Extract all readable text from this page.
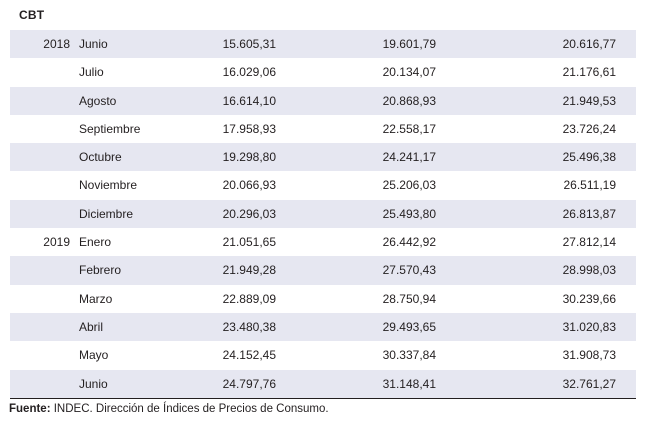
CBT
2018 Junio	15.605,31	19.601,79	20.616,77
Julio	16.029,06	20.134,07	21.176,61
Agosto	16.614,10	20.868,93	21.949,53
Septiembre	17.958,93	22.558,17	23.726,24
Octubre	19.298,80	24.241,17	25.496,38
Noviembre	20.066,93	25.206,03	26.511,19
Diciembre	20.296,03	25.493,80	26.813,87
2019 Enero	21.051,65	26.442,92	27.812,14
Febrero	21.949,28	27.570,43	28.998,03
Marzo	22.889,09	28.750,94	30.239,66
Abril	23.480,38	29.493,65	31.020,83
Mayo	24.152,45	30.337,84	31.908,73
Junio	24.797,76	31.148,41	32.761,27
Fuente: INDEC. Dirección de Índices de Precios de Consumo.
